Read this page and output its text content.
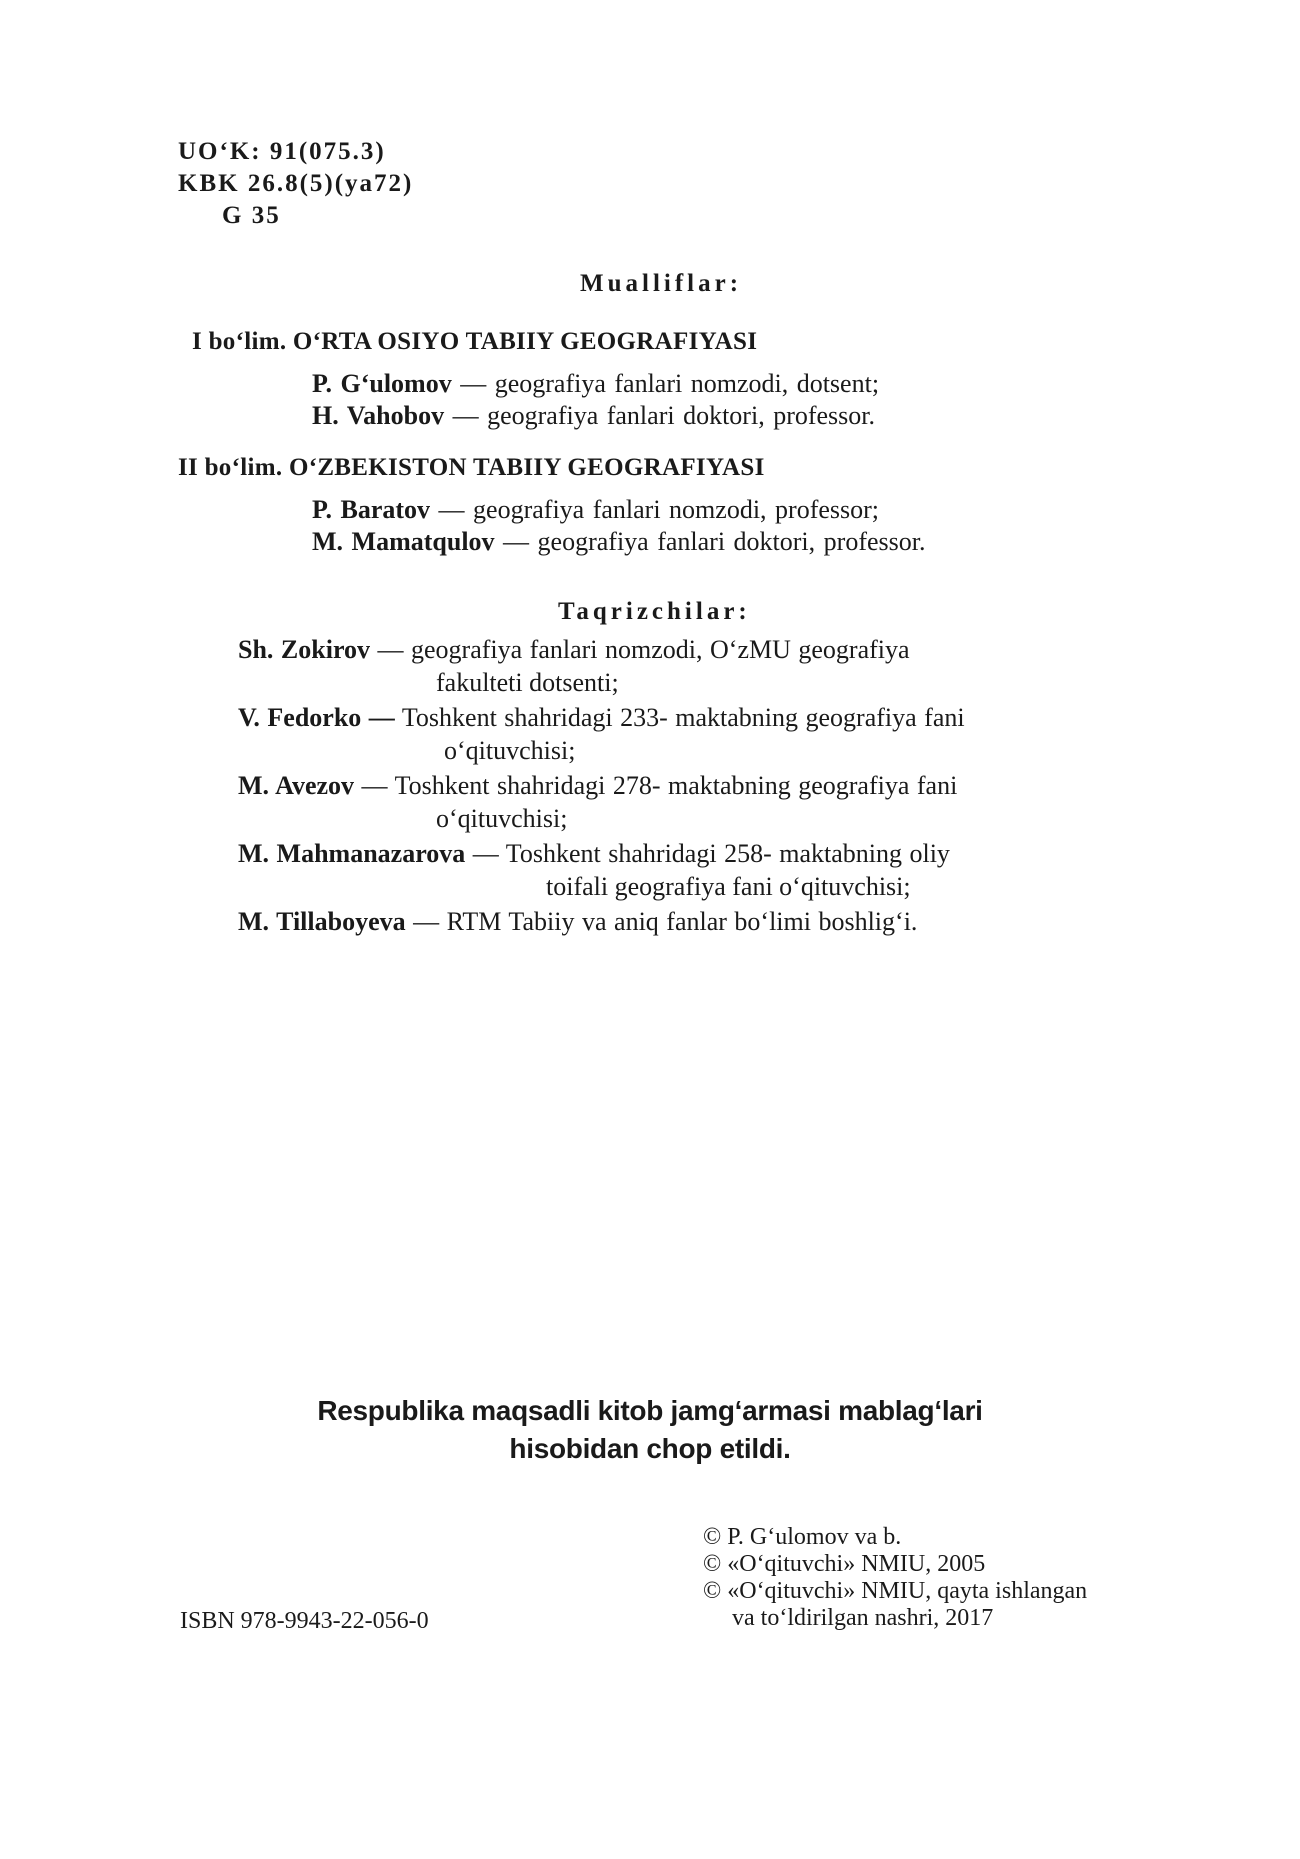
UO‘K: 91(075.3)
KBK 26.8(5)(ya72)
G 35
Mualliflar:
I bo‘lim. O‘RTA OSIYO TABIIY GEOGRAFIYASI
P. G‘ulomov — geografiya fanlari nomzodi, dotsent;
H. Vahobov — geografiya fanlari doktori, professor.
II bo‘lim. O‘ZBEKISTON TABIIY GEOGRAFIYASI
P. Baratov — geografiya fanlari nomzodi, professor;
M. Mamatqulov — geografiya fanlari doktori, professor.
Taqrizchilar:
Sh. Zokirov — geografiya fanlari nomzodi, O‘zMU geografiya
fakulteti dotsenti;
V. Fedorko — Toshkent shahridagi 233- maktabning geografiya fani
o‘qituvchisi;
M. Avezov — Toshkent shahridagi 278- maktabning geografiya fani
o‘qituvchisi;
M. Mahmanazarova — Toshkent shahridagi 258- maktabning oliy
toifali geografiya fani o‘qituvchisi;
M. Tillaboyeva — RTM Tabiiy va aniq fanlar bo‘limi boshlig‘i.
Respublika maqsadli kitob jamg‘armasi mablag‘lari
hisobidan chop etildi.
© P. G‘ulomov va b.
© «O‘qituvchi» NMIU, 2005
© «O‘qituvchi» NMIU, qayta ishlangan
va to‘ldirilgan nashri, 2017
ISBN 978-9943-22-056-0
